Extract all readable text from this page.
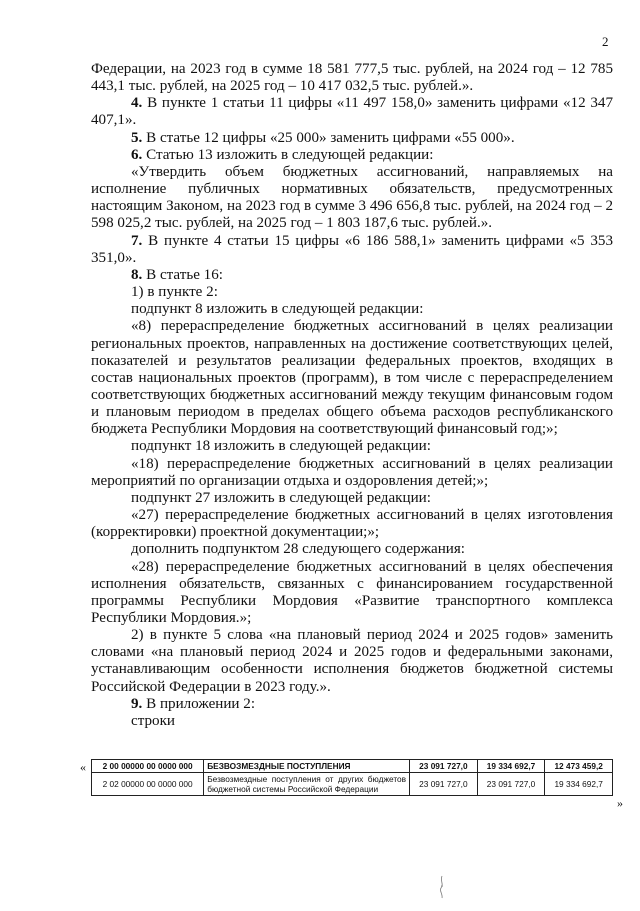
2

Федерации, на 2023 год в сумме 18 581 777,5 тыс. рублей, на 2024 год – 12 785 443,1 тыс. рублей, на 2025 год – 10 417 032,5 тыс. рублей.».

4. В пункте 1 статьи 11 цифры «11 497 158,0» заменить цифрами «12 347 407,1».

5. В статье 12 цифры «25 000» заменить цифрами «55 000».

6. Статью 13 изложить в следующей редакции:

«Утвердить объем бюджетных ассигнований, направляемых на исполнение публичных нормативных обязательств, предусмотренных настоящим Законом, на 2023 год в сумме 3 496 656,8 тыс. рублей, на 2024 год – 2 598 025,2 тыс. рублей, на 2025 год – 1 803 187,6 тыс. рублей.».

7. В пункте 4 статьи 15 цифры «6 186 588,1» заменить цифрами «5 353 351,0».

8. В статье 16:

1) в пункте 2:

подпункт 8 изложить в следующей редакции:

«8) перераспределение бюджетных ассигнований в целях реализации региональных проектов, направленных на достижение соответствующих целей, показателей и результатов реализации федеральных проектов, входящих в состав национальных проектов (программ), в том числе с перераспределением соответствующих бюджетных ассигнований между текущим финансовым годом и плановым периодом в пределах общего объема расходов республиканского бюджета Республики Мордовия на соответствующий финансовый год;»;

подпункт 18 изложить в следующей редакции:

«18) перераспределение бюджетных ассигнований в целях реализации мероприятий по организации отдыха и оздоровления детей;»;

подпункт 27 изложить в следующей редакции:

«27) перераспределение бюджетных ассигнований в целях изготовления (корректировки) проектной документации;»;

дополнить подпунктом 28 следующего содержания:

«28) перераспределение бюджетных ассигнований в целях обеспечения исполнения обязательств, связанных с финансированием государственной программы Республики Мордовия «Развитие транспортного комплекса Республики Мордовия.»;

2) в пункте 5 слова «на плановый период 2024 и 2025 годов» заменить словами «на плановый период 2024 и 2025 годов и федеральными законами, устанавливающим особенности исполнения бюджетов бюджетной системы Российской Федерации в 2023 году.».

9. В приложении 2:

строки

« 2 00 00000 00 0000 000	БЕЗВОЗМЕЗДНЫЕ ПОСТУПЛЕНИЯ	23 091 727,0	19 334 692,7	12 473 459,2
2 02 00000 00 0000 000	Безвозмездные поступления от других бюджетов бюджетной системы Российской Федерации	23 091 727,0	23 091 727,0	19 334 692,7
»
